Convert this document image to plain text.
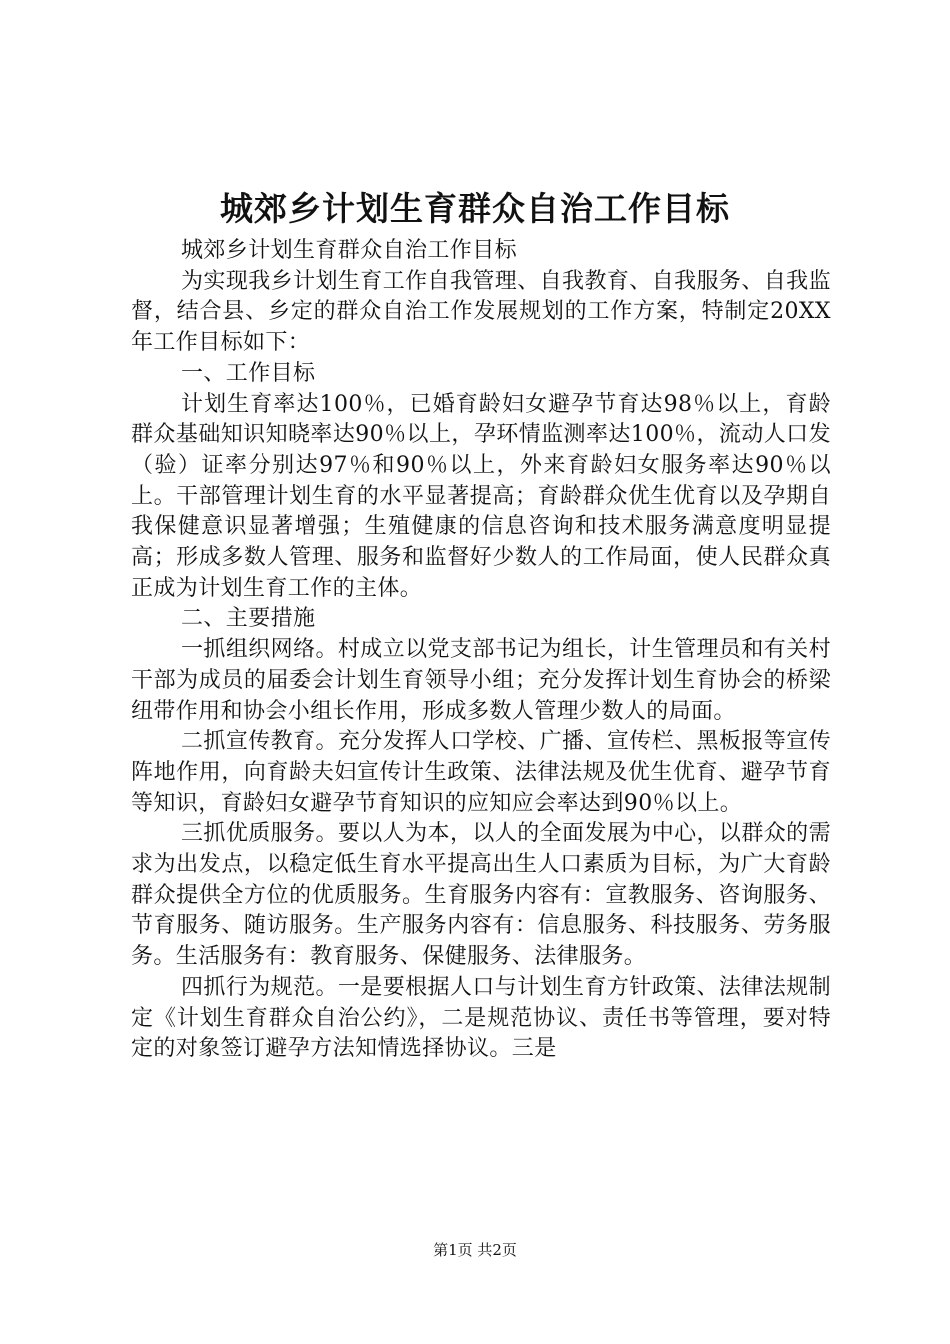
城郊乡计划生育群众自治工作目标

城郊乡计划生育群众自治工作目标

为实现我乡计划生育工作自我管理、自我教育、自我服务、自我监督，结合县、乡定的群众自治工作发展规划的工作方案，特制定20XX年工作目标如下：

一、工作目标

计划生育率达100％，已婚育龄妇女避孕节育达98％以上，育龄群众基础知识知晓率达90％以上，孕环情监测率达100％，流动人口发（验）证率分别达97％和90％以上，外来育龄妇女服务率达90％以上。干部管理计划生育的水平显著提高；育龄群众优生优育以及孕期自我保健意识显著增强；生殖健康的信息咨询和技术服务满意度明显提高；形成多数人管理、服务和监督好少数人的工作局面，使人民群众真正成为计划生育工作的主体。

二、主要措施

一抓组织网络。村成立以党支部书记为组长，计生管理员和有关村干部为成员的届委会计划生育领导小组；充分发挥计划生育协会的桥梁纽带作用和协会小组长作用，形成多数人管理少数人的局面。

二抓宣传教育。充分发挥人口学校、广播、宣传栏、黑板报等宣传阵地作用，向育龄夫妇宣传计生政策、法律法规及优生优育、避孕节育等知识，育龄妇女避孕节育知识的应知应会率达到90％以上。

三抓优质服务。要以人为本，以人的全面发展为中心，以群众的需求为出发点，以稳定低生育水平提高出生人口素质为目标，为广大育龄群众提供全方位的优质服务。生育服务内容有：宣教服务、咨询服务、节育服务、随访服务。生产服务内容有：信息服务、科技服务、劳务服务。生活服务有：教育服务、保健服务、法律服务。

四抓行为规范。一是要根据人口与计划生育方针政策、法律法规制定《计划生育群众自治公约》，二是规范协议、责任书等管理，要对特定的对象签订避孕方法知情选择协议。三是

第1页 共2页
